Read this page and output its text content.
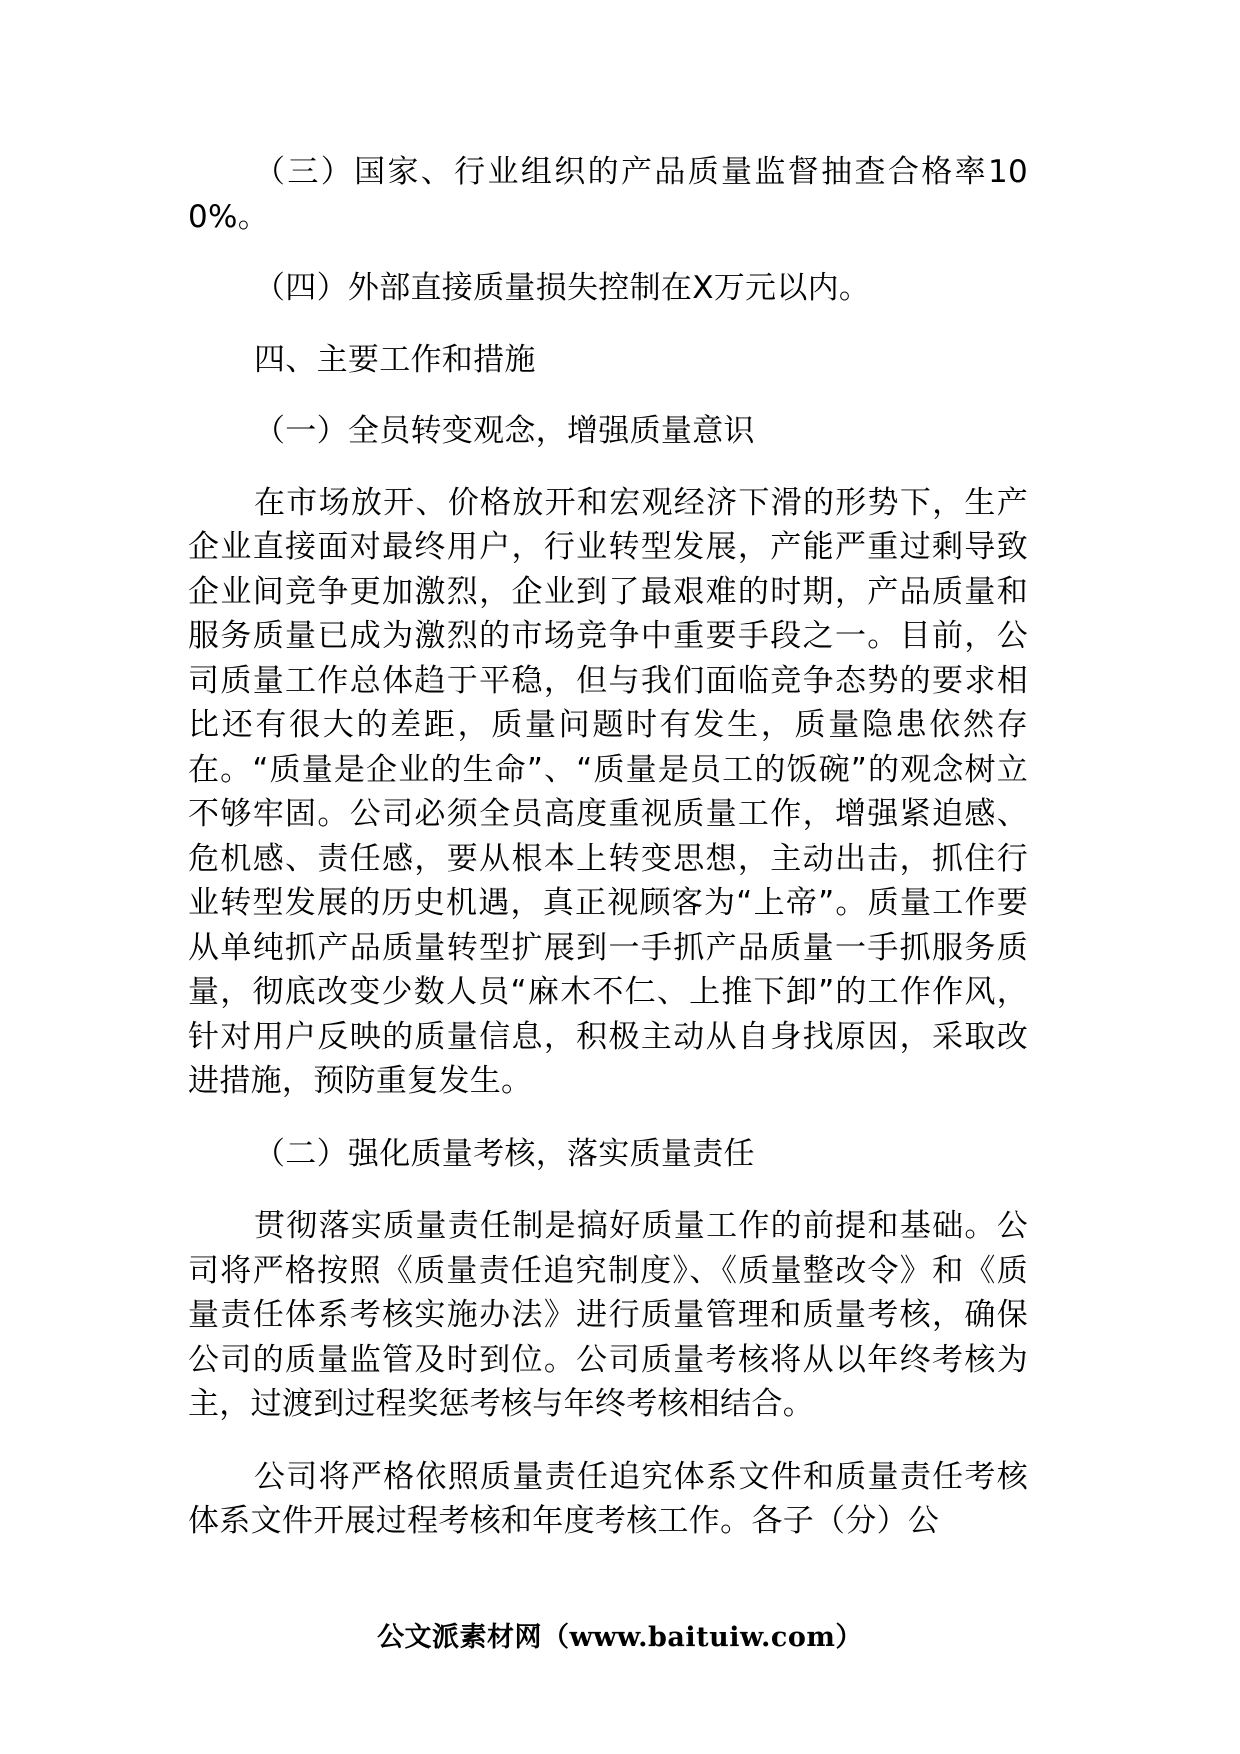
（三）国家、行业组织的产品质量监督抽查合格率100%。

（四）外部直接质量损失控制在X万元以内。

四、主要工作和措施

（一）全员转变观念，增强质量意识

在市场放开、价格放开和宏观经济下滑的形势下，生产企业直接面对最终用户，行业转型发展，产能严重过剩导致企业间竞争更加激烈，企业到了最艰难的时期，产品质量和服务质量已成为激烈的市场竞争中重要手段之一。目前，公司质量工作总体趋于平稳，但与我们面临竞争态势的要求相比还有很大的差距，质量问题时有发生，质量隐患依然存在。“质量是企业的生命”、“质量是员工的饭碗”的观念树立不够牢固。公司必须全员高度重视质量工作，增强紧迫感、危机感、责任感，要从根本上转变思想，主动出击，抓住行业转型发展的历史机遇，真正视顾客为“上帝”。质量工作要从单纯抓产品质量转型扩展到一手抓产品质量一手抓服务质量，彻底改变少数人员“麻木不仁、上推下卸”的工作作风，针对用户反映的质量信息，积极主动从自身找原因，采取改进措施，预防重复发生。

（二）强化质量考核，落实质量责任

贯彻落实质量责任制是搞好质量工作的前提和基础。公司将严格按照《质量责任追究制度》、《质量整改令》和《质量责任体系考核实施办法》进行质量管理和质量考核，确保公司的质量监管及时到位。公司质量考核将从以年终考核为主，过渡到过程奖惩考核与年终考核相结合。

公司将严格依照质量责任追究体系文件和质量责任考核体系文件开展过程考核和年度考核工作。各子（分）公

公文派素材网（www.baituiw.com）
